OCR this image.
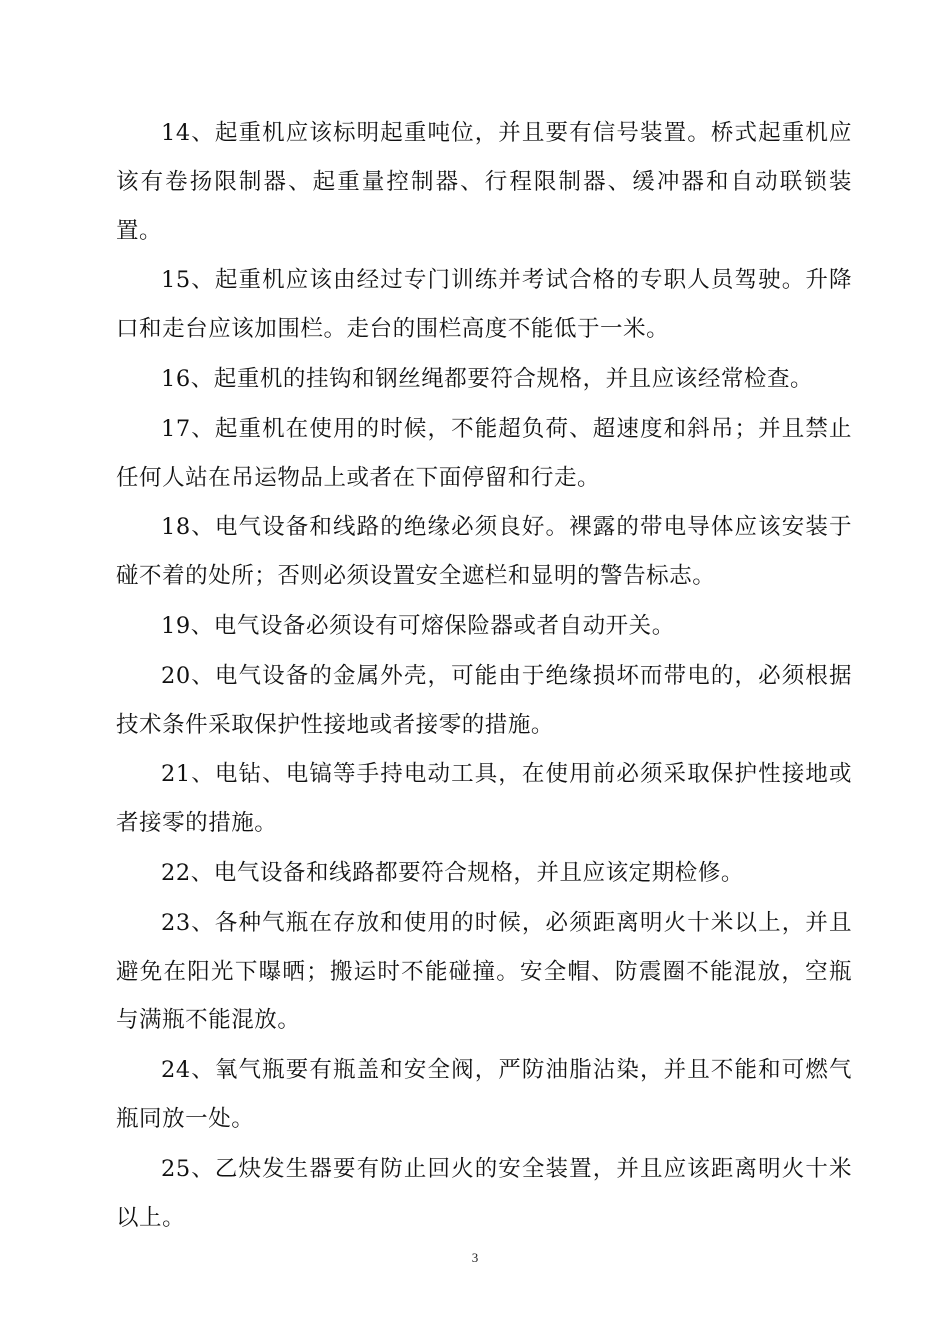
14、起重机应该标明起重吨位，并且要有信号装置。桥式起重机应该有卷扬限制器、起重量控制器、行程限制器、缓冲器和自动联锁装置。

15、起重机应该由经过专门训练并考试合格的专职人员驾驶。升降口和走台应该加围栏。走台的围栏高度不能低于一米。

16、起重机的挂钩和钢丝绳都要符合规格，并且应该经常检查。

17、起重机在使用的时候，不能超负荷、超速度和斜吊；并且禁止任何人站在吊运物品上或者在下面停留和行走。

18、电气设备和线路的绝缘必须良好。裸露的带电导体应该安装于碰不着的处所；否则必须设置安全遮栏和显明的警告标志。

19、电气设备必须设有可熔保险器或者自动开关。

20、电气设备的金属外壳，可能由于绝缘损坏而带电的，必须根据技术条件采取保护性接地或者接零的措施。

21、电钻、电镐等手持电动工具，在使用前必须采取保护性接地或者接零的措施。

22、电气设备和线路都要符合规格，并且应该定期检修。

23、各种气瓶在存放和使用的时候，必须距离明火十米以上，并且避免在阳光下曝晒；搬运时不能碰撞。安全帽、防震圈不能混放，空瓶与满瓶不能混放。

24、氧气瓶要有瓶盖和安全阀，严防油脂沾染，并且不能和可燃气瓶同放一处。

25、乙炔发生器要有防止回火的安全装置，并且应该距离明火十米以上。

3
